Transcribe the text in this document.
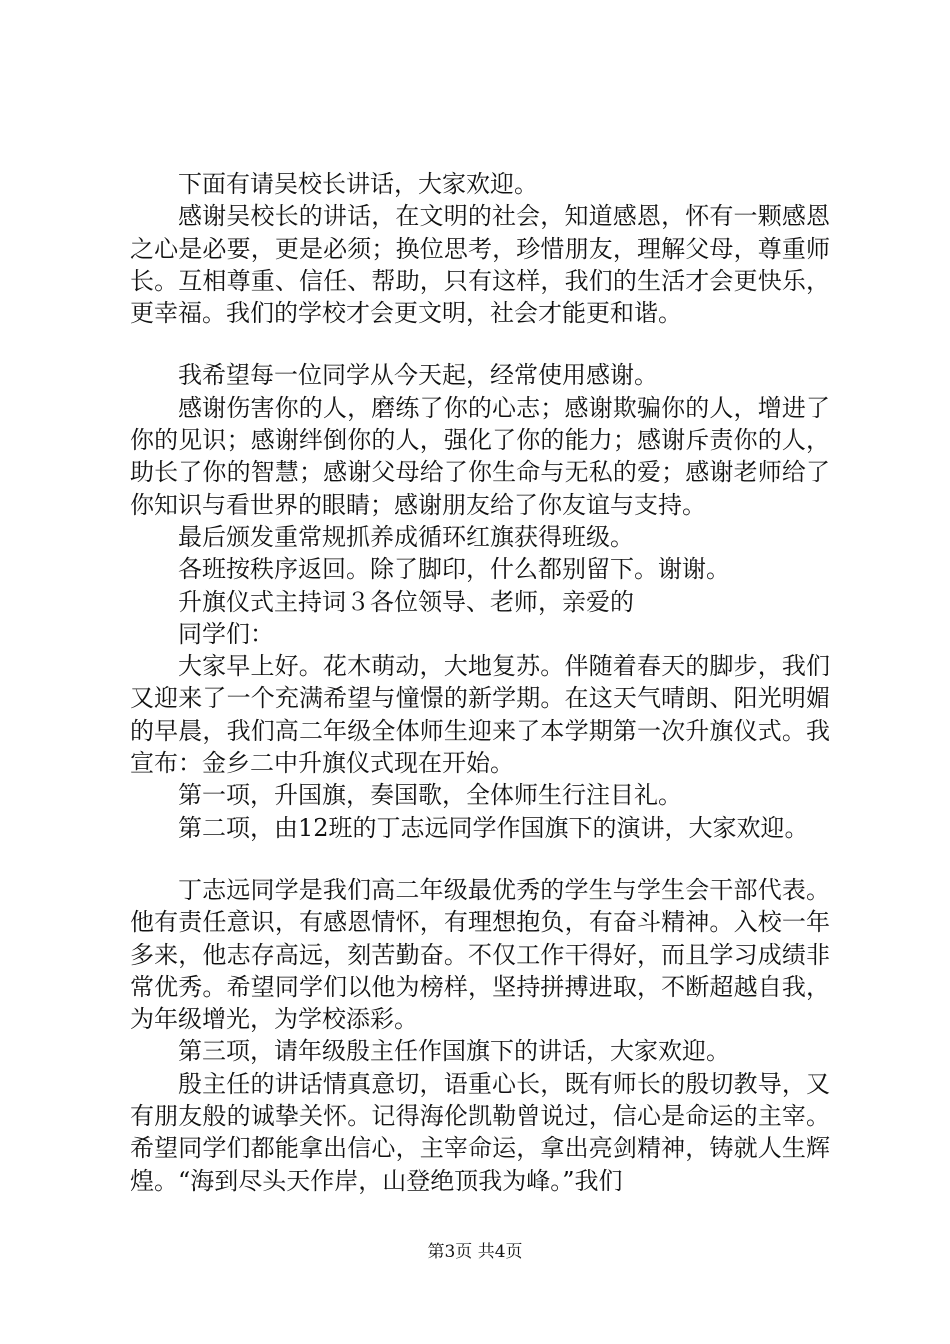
下面有请吴校长讲话，大家欢迎。

感谢吴校长的讲话，在文明的社会，知道感恩，怀有一颗感恩之心是必要，更是必须；换位思考，珍惜朋友，理解父母，尊重师长。互相尊重、信任、帮助，只有这样，我们的生活才会更快乐，更幸福。我们的学校才会更文明，社会才能更和谐。

我希望每一位同学从今天起，经常使用感谢。

感谢伤害你的人，磨练了你的心志；感谢欺骗你的人，增进了你的见识；感谢绊倒你的人，强化了你的能力；感谢斥责你的人，助长了你的智慧；感谢父母给了你生命与无私的爱；感谢老师给了你知识与看世界的眼睛；感谢朋友给了你友谊与支持。

最后颁发重常规抓养成循环红旗获得班级。

各班按秩序返回。除了脚印，什么都别留下。谢谢。

升旗仪式主持词３各位领导、老师，亲爱的

同学们：

大家早上好。花木萌动，大地复苏。伴随着春天的脚步，我们又迎来了一个充满希望与憧憬的新学期。在这天气晴朗、阳光明媚的早晨，我们高二年级全体师生迎来了本学期第一次升旗仪式。我宣布：金乡二中升旗仪式现在开始。

第一项，升国旗，奏国歌，全体师生行注目礼。

第二项，由12班的丁志远同学作国旗下的演讲，大家欢迎。

丁志远同学是我们高二年级最优秀的学生与学生会干部代表。他有责任意识，有感恩情怀，有理想抱负，有奋斗精神。入校一年多来，他志存高远，刻苦勤奋。不仅工作干得好，而且学习成绩非常优秀。希望同学们以他为榜样，坚持拼搏进取，不断超越自我，为年级增光，为学校添彩。

第三项，请年级殷主任作国旗下的讲话，大家欢迎。

殷主任的讲话情真意切，语重心长，既有师长的殷切教导，又有朋友般的诚挚关怀。记得海伦凯勒曾说过，信心是命运的主宰。希望同学们都能拿出信心，主宰命运，拿出亮剑精神，铸就人生辉煌。“海到尽头天作岸，山登绝顶我为峰。”我们

第3页 共4页
